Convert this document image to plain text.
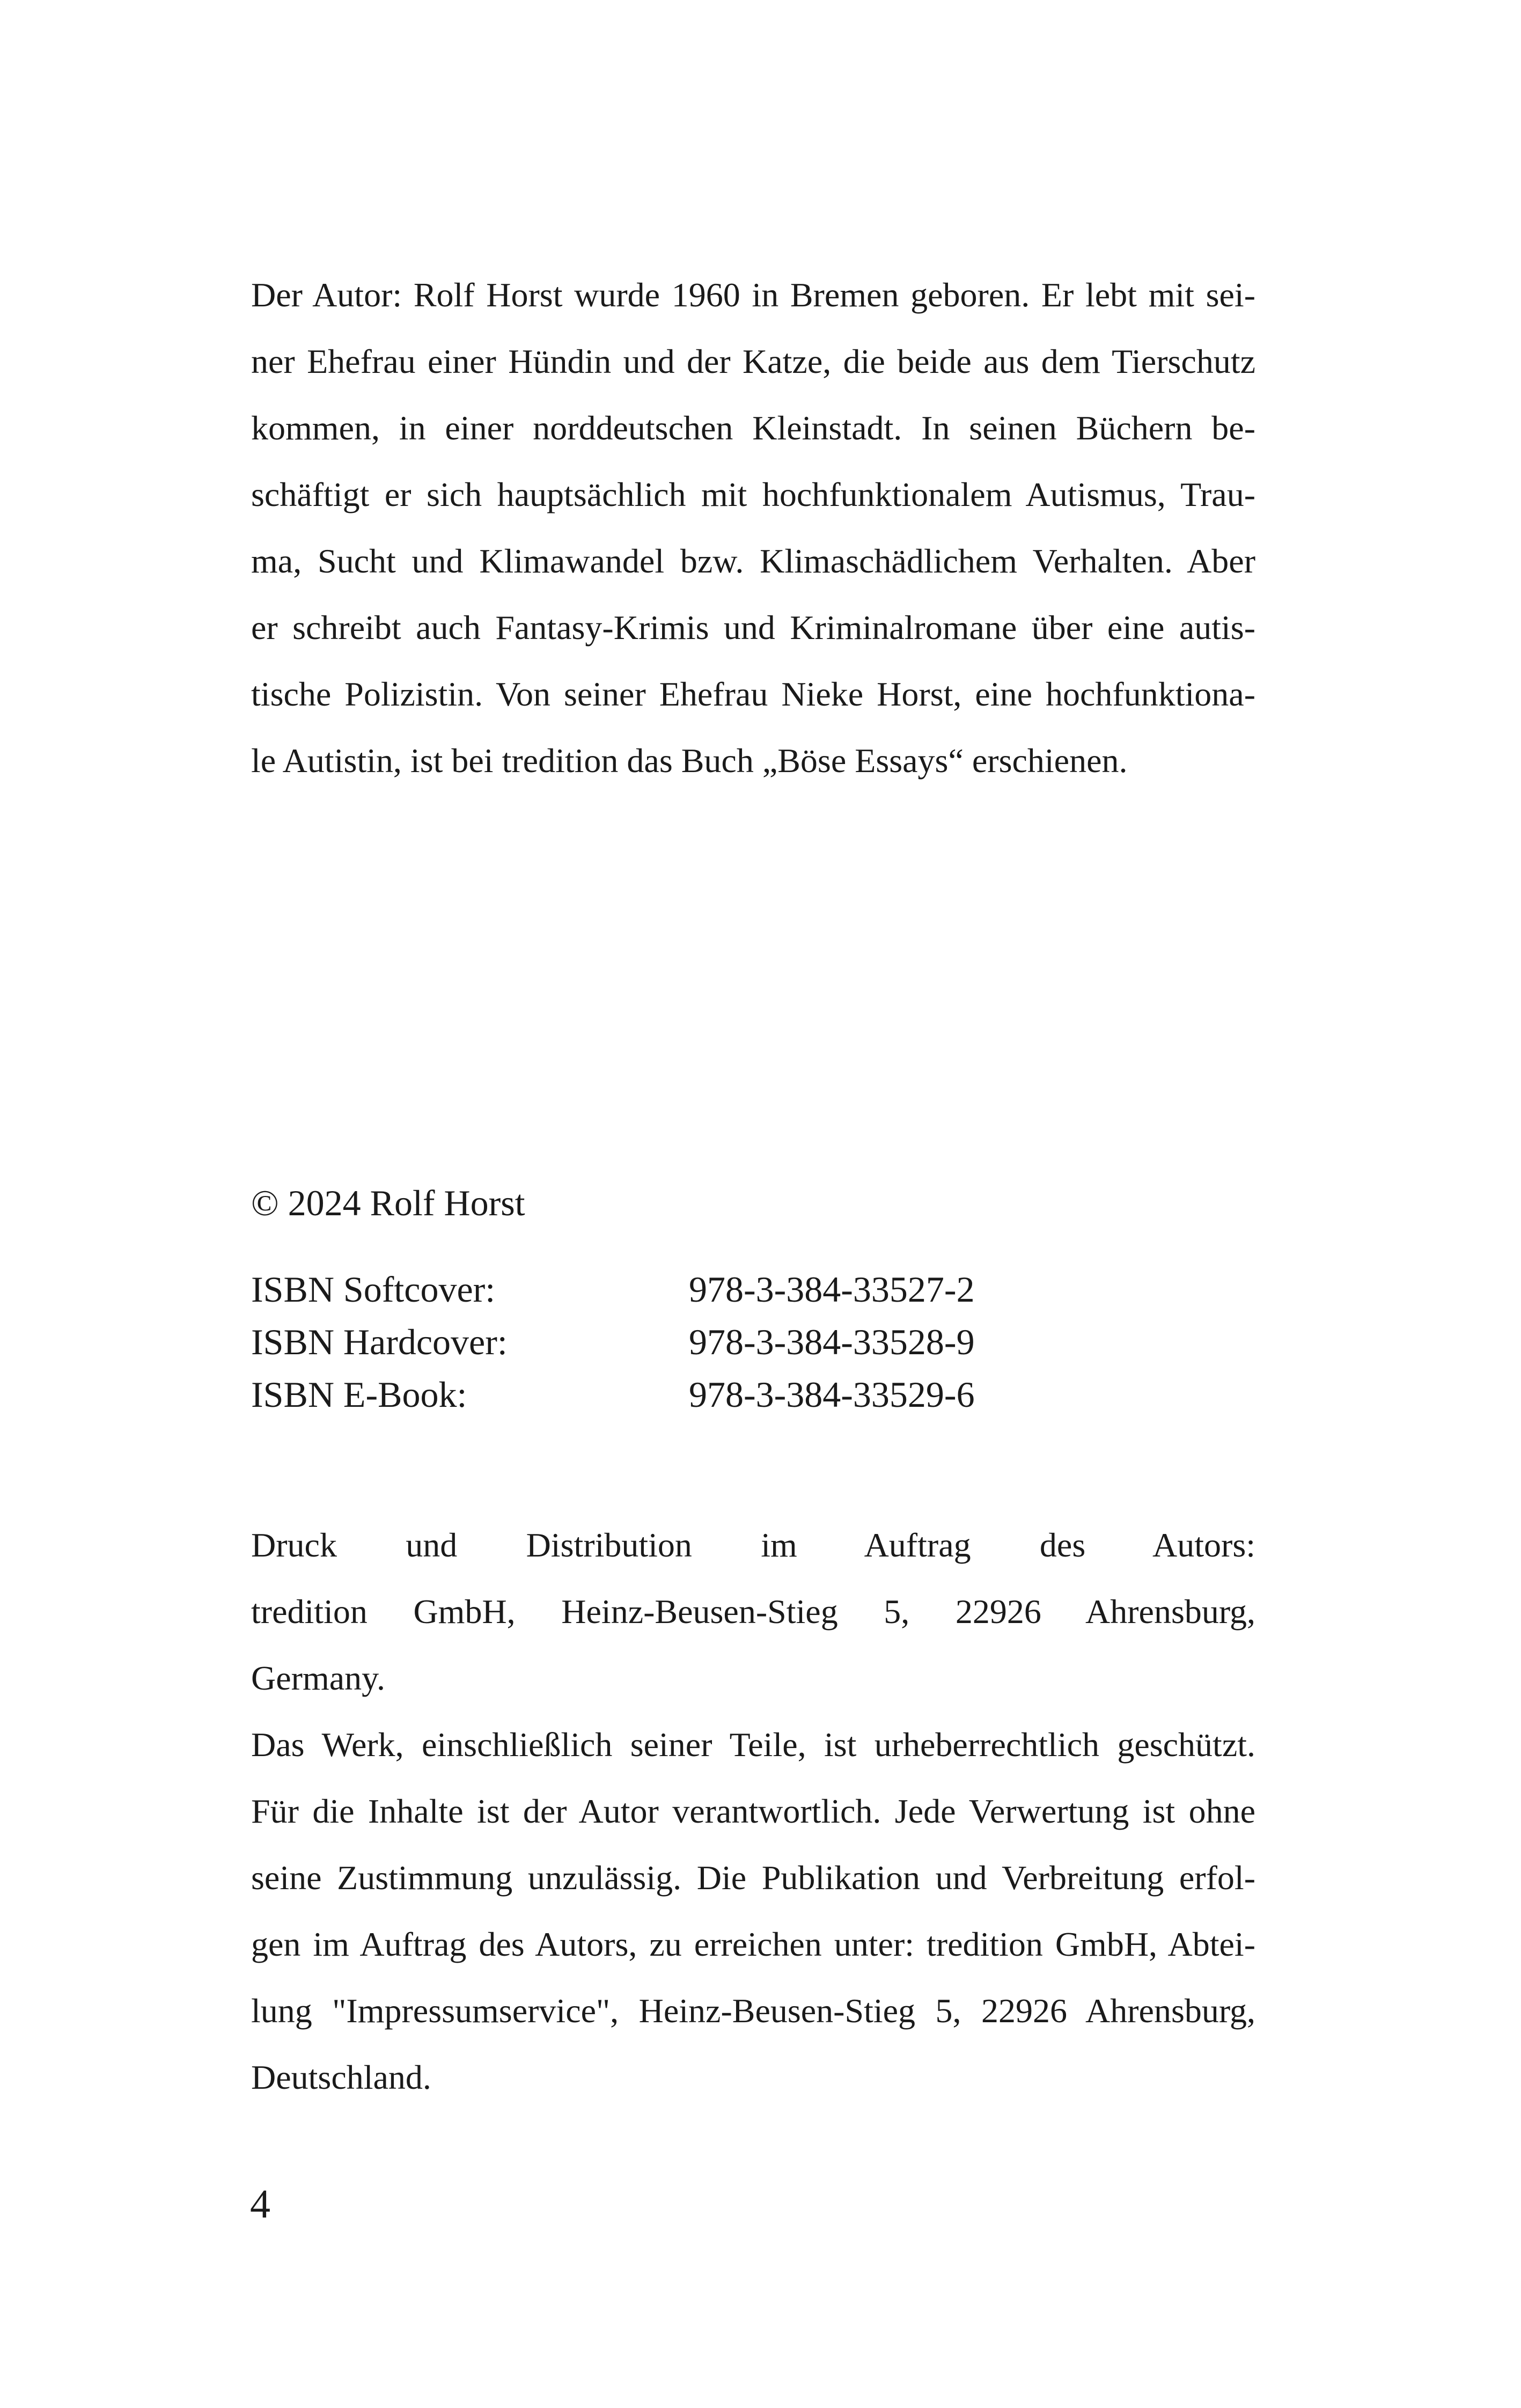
Der Autor: Rolf Horst wurde 1960 in Bremen geboren. Er lebt mit sei-
ner Ehefrau einer Hündin und der Katze, die beide aus dem Tierschutz
kommen, in einer norddeutschen Kleinstadt. In seinen Büchern be-
schäftigt er sich hauptsächlich mit hochfunktionalem Autismus, Trau-
ma, Sucht und Klimawandel bzw. Klimaschädlichem Verhalten. Aber
er schreibt auch Fantasy-Krimis und Kriminalromane über eine autis-
tische Polizistin. Von seiner Ehefrau Nieke Horst, eine hochfunktiona-
le Autistin, ist bei tredition das Buch „Böse Essays“ erschienen.
© 2024 Rolf Horst
ISBN Softcover:	978-3-384-33527-2
ISBN Hardcover:	978-3-384-33528-9
ISBN E-Book:	978-3-384-33529-6
Druck und Distribution im Auftrag des Autors:
tredition GmbH, Heinz-Beusen-Stieg 5, 22926 Ahrensburg,
Germany.
Das Werk, einschließlich seiner Teile, ist urheberrechtlich geschützt.
Für die Inhalte ist der Autor verantwortlich. Jede Verwertung ist ohne
seine Zustimmung unzulässig. Die Publikation und Verbreitung erfol-
gen im Auftrag des Autors, zu erreichen unter: tredition GmbH, Abtei-
lung "Impressumservice", Heinz-Beusen-Stieg 5, 22926 Ahrensburg,
Deutschland.
4
